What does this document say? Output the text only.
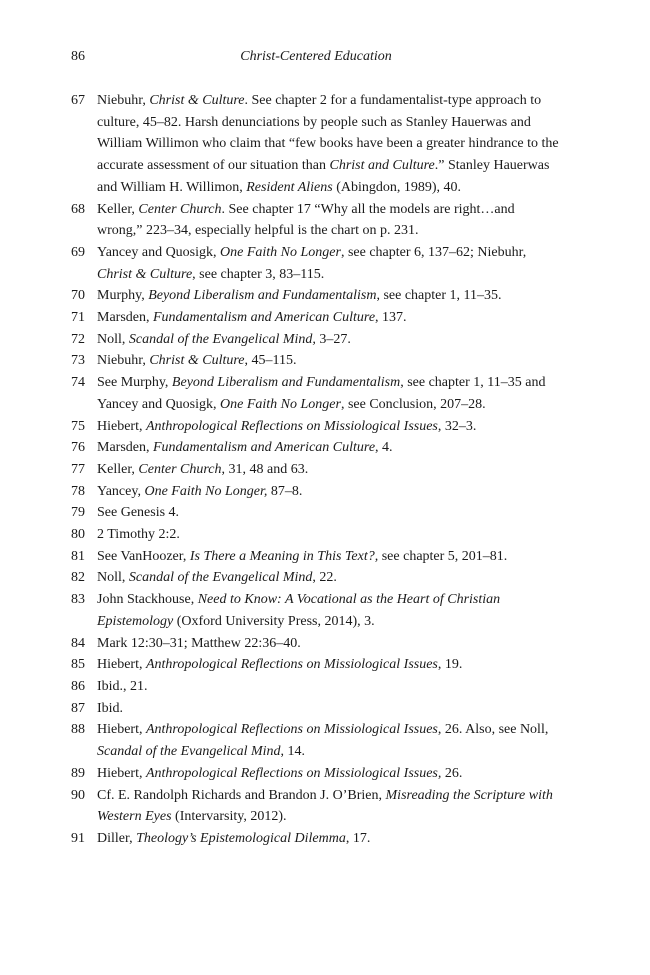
86	Christ-Centered Education
67 Niebuhr, Christ & Culture. See chapter 2 for a fundamentalist-type approach to culture, 45–82. Harsh denunciations by people such as Stanley Hauerwas and William Willimon who claim that “few books have been a greater hindrance to the accurate assessment of our situation than Christ and Culture.” Stanley Hauerwas and William H. Willimon, Resident Aliens (Abingdon, 1989), 40.
68 Keller, Center Church. See chapter 17 “Why all the models are right…and wrong,” 223–34, especially helpful is the chart on p. 231.
69 Yancey and Quosigk, One Faith No Longer, see chapter 6, 137–62; Niebuhr, Christ & Culture, see chapter 3, 83–115.
70 Murphy, Beyond Liberalism and Fundamentalism, see chapter 1, 11–35.
71 Marsden, Fundamentalism and American Culture, 137.
72 Noll, Scandal of the Evangelical Mind, 3–27.
73 Niebuhr, Christ & Culture, 45–115.
74 See Murphy, Beyond Liberalism and Fundamentalism, see chapter 1, 11–35 and Yancey and Quosigk, One Faith No Longer, see Conclusion, 207–28.
75 Hiebert, Anthropological Reflections on Missiological Issues, 32–3.
76 Marsden, Fundamentalism and American Culture, 4.
77 Keller, Center Church, 31, 48 and 63.
78 Yancey, One Faith No Longer, 87–8.
79 See Genesis 4.
80 2 Timothy 2:2.
81 See VanHoozer, Is There a Meaning in This Text?, see chapter 5, 201–81.
82 Noll, Scandal of the Evangelical Mind, 22.
83 John Stackhouse, Need to Know: A Vocational as the Heart of Christian Epistemology (Oxford University Press, 2014), 3.
84 Mark 12:30–31; Matthew 22:36–40.
85 Hiebert, Anthropological Reflections on Missiological Issues, 19.
86 Ibid., 21.
87 Ibid.
88 Hiebert, Anthropological Reflections on Missiological Issues, 26. Also, see Noll, Scandal of the Evangelical Mind, 14.
89 Hiebert, Anthropological Reflections on Missiological Issues, 26.
90 Cf. E. Randolph Richards and Brandon J. O’Brien, Misreading the Scripture with Western Eyes (Intervarsity, 2012).
91 Diller, Theology’s Epistemological Dilemma, 17.
